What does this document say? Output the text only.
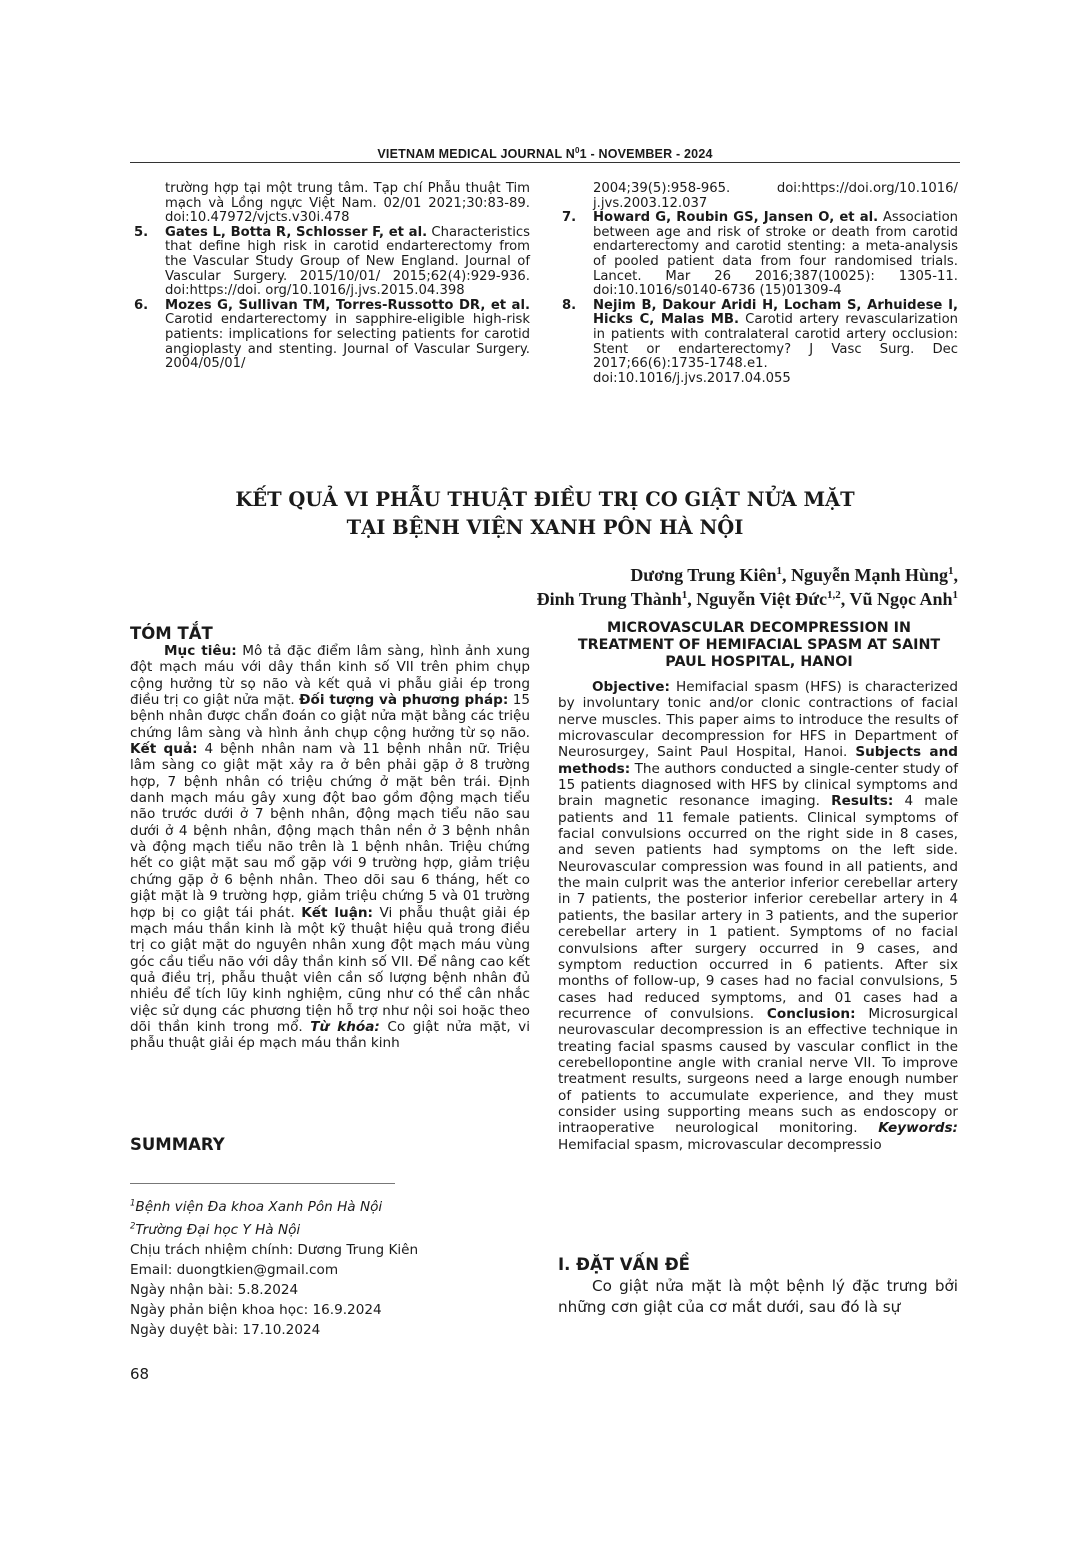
VIETNAM MEDICAL JOURNAL $N^01$ - NOVEMBER - 2024
trường hợp tại một trung tâm. Tạp chí Phẫu thuật Tim mạch và Lồng ngực Việt Nam. 02/01 2021;30:83-89. doi:10.47972/vjcts.v30i.478
5. Gates L, Botta R, Schlosser F, et al. Characteristics that define high risk in carotid endarterectomy from the Vascular Study Group of New England. Journal of Vascular Surgery. 2015/10/01/ 2015;62(4):929-936. doi:https://doi. org/10.1016/j.jvs.2015.04.398
6. Mozes G, Sullivan TM, Torres-Russotto DR, et al. Carotid endarterectomy in sapphire-eligible high-risk patients: implications for selecting patients for carotid angioplasty and stenting. Journal of Vascular Surgery. 2004/05/01/
2004;39(5):958-965. doi:https://doi.org/10.1016/ j.jvs.2003.12.037
7. Howard G, Roubin GS, Jansen O, et al. Association between age and risk of stroke or death from carotid endarterectomy and carotid stenting: a meta-analysis of pooled patient data from four randomised trials. Lancet. Mar 26 2016;387(10025): 1305-11. doi:10.1016/s0140-6736 (15)01309-4
8. Nejim B, Dakour Aridi H, Locham S, Arhuidese I, Hicks C, Malas MB. Carotid artery revascularization in patients with contralateral carotid artery occlusion: Stent or endarterectomy? J Vasc Surg. Dec 2017;66(6):1735-1748.e1. doi:10.1016/j.jvs.2017.04.055
KẾT QUẢ VI PHẪU THUẬT ĐIỀU TRỊ CO GIẬT NỬA MẶT
TẠI BỆNH VIỆN XANH PÔN HÀ NỘI
Dương Trung Kiên$^1$, Nguyễn Mạnh Hùng$^1$,
Đinh Trung Thành$^1$, Nguyễn Việt Đức$^{1,2}$, Vũ Ngọc Anh$^1$
TÓM TẮT

Mục tiêu: Mô tả đặc điểm lâm sàng, hình ảnh xung đột mạch máu với dây thần kinh số VII trên phim chụp cộng hưởng từ sọ não và kết quả vi phẫu giải ép trong điều trị co giật nửa mặt. Đối tượng và phương pháp: 15 bệnh nhân được chẩn đoán co giật nửa mặt bằng các triệu chứng lâm sàng và hình ảnh chụp cộng hưởng từ sọ não. Kết quả: 4 bệnh nhân nam và 11 bệnh nhân nữ. Triệu lâm sàng co giật mặt xảy ra ở bên phải gặp ở 8 trường hợp, 7 bệnh nhân có triệu chứng ở mặt bên trái. Định danh mạch máu gây xung đột bao gồm động mạch tiểu não trước dưới ở 7 bệnh nhân, động mạch tiểu não sau dưới ở 4 bệnh nhân, động mạch thân nền ở 3 bệnh nhân và động mạch tiểu não trên là 1 bệnh nhân. Triệu chứng hết co giật mặt sau mổ gặp với 9 trường hợp, giảm triệu chứng gặp ở 6 bệnh nhân. Theo dõi sau 6 tháng, hết co giật mặt là 9 trường hợp, giảm triệu chứng 5 và 01 trường hợp bị co giật tái phát. Kết luận: Vi phẫu thuật giải ép mạch máu thần kinh là một kỹ thuật hiệu quả trong điều trị co giật mặt do nguyên nhân xung đột mạch máu vùng góc cầu tiểu não với dây thần kinh số VII. Để nâng cao kết quả điều trị, phẫu thuật viên cần số lượng bệnh nhân đủ nhiều để tích lũy kinh nghiệm, cũng như có thể cân nhắc việc sử dụng các phương tiện hỗ trợ như nội soi hoặc theo dõi thần kinh trong mổ. Từ khóa: Co giật nửa mặt, vi phẫu thuật giải ép mạch máu thần kinh

SUMMARY
$^1$Bệnh viện Đa khoa Xanh Pôn Hà Nội
$^2$Trường Đại học Y Hà Nội
Chịu trách nhiệm chính: Dương Trung Kiên
Email: duongtkien@gmail.com
Ngày nhận bài: 5.8.2024
Ngày phản biện khoa học: 16.9.2024
Ngày duyệt bài: 17.10.2024
68
MICROVASCULAR DECOMPRESSION IN TREATMENT OF HEMIFACIAL SPASM AT SAINT PAUL HOSPITAL, HANOI

Objective: Hemifacial spasm (HFS) is characterized by involuntary tonic and/or clonic contractions of facial nerve muscles. This paper aims to introduce the results of microvascular decompression for HFS in Department of Neurosurgey, Saint Paul Hospital, Hanoi. Subjects and methods: The authors conducted a single-center study of 15 patients diagnosed with HFS by clinical symptoms and brain magnetic resonance imaging. Results: 4 male patients and 11 female patients. Clinical symptoms of facial convulsions occurred on the right side in 8 cases, and seven patients had symptoms on the left side. Neurovascular compression was found in all patients, and the main culprit was the anterior inferior cerebellar artery in 7 patients, the posterior inferior cerebellar artery in 4 patients, the basilar artery in 3 patients, and the superior cerebellar artery in 1 patient. Symptoms of no facial convulsions after surgery occurred in 9 cases, and symptom reduction occurred in 6 patients. After six months of follow-up, 9 cases had no facial convulsions, 5 cases had reduced symptoms, and 01 cases had a recurrence of convulsions. Conclusion: Microsurgical neurovascular decompression is an effective technique in treating facial spasms caused by vascular conflict in the cerebellopontine angle with cranial nerve VII. To improve treatment results, surgeons need a large enough number of patients to accumulate experience, and they must consider using supporting means such as endoscopy or intraoperative neurological monitoring. Keywords: Hemifacial spasm, microvascular decompressio

I. ĐẶT VẤN ĐỀ

Co giật nửa mặt là một bệnh lý đặc trưng bởi những cơn giật của cơ mắt dưới, sau đó là sự
